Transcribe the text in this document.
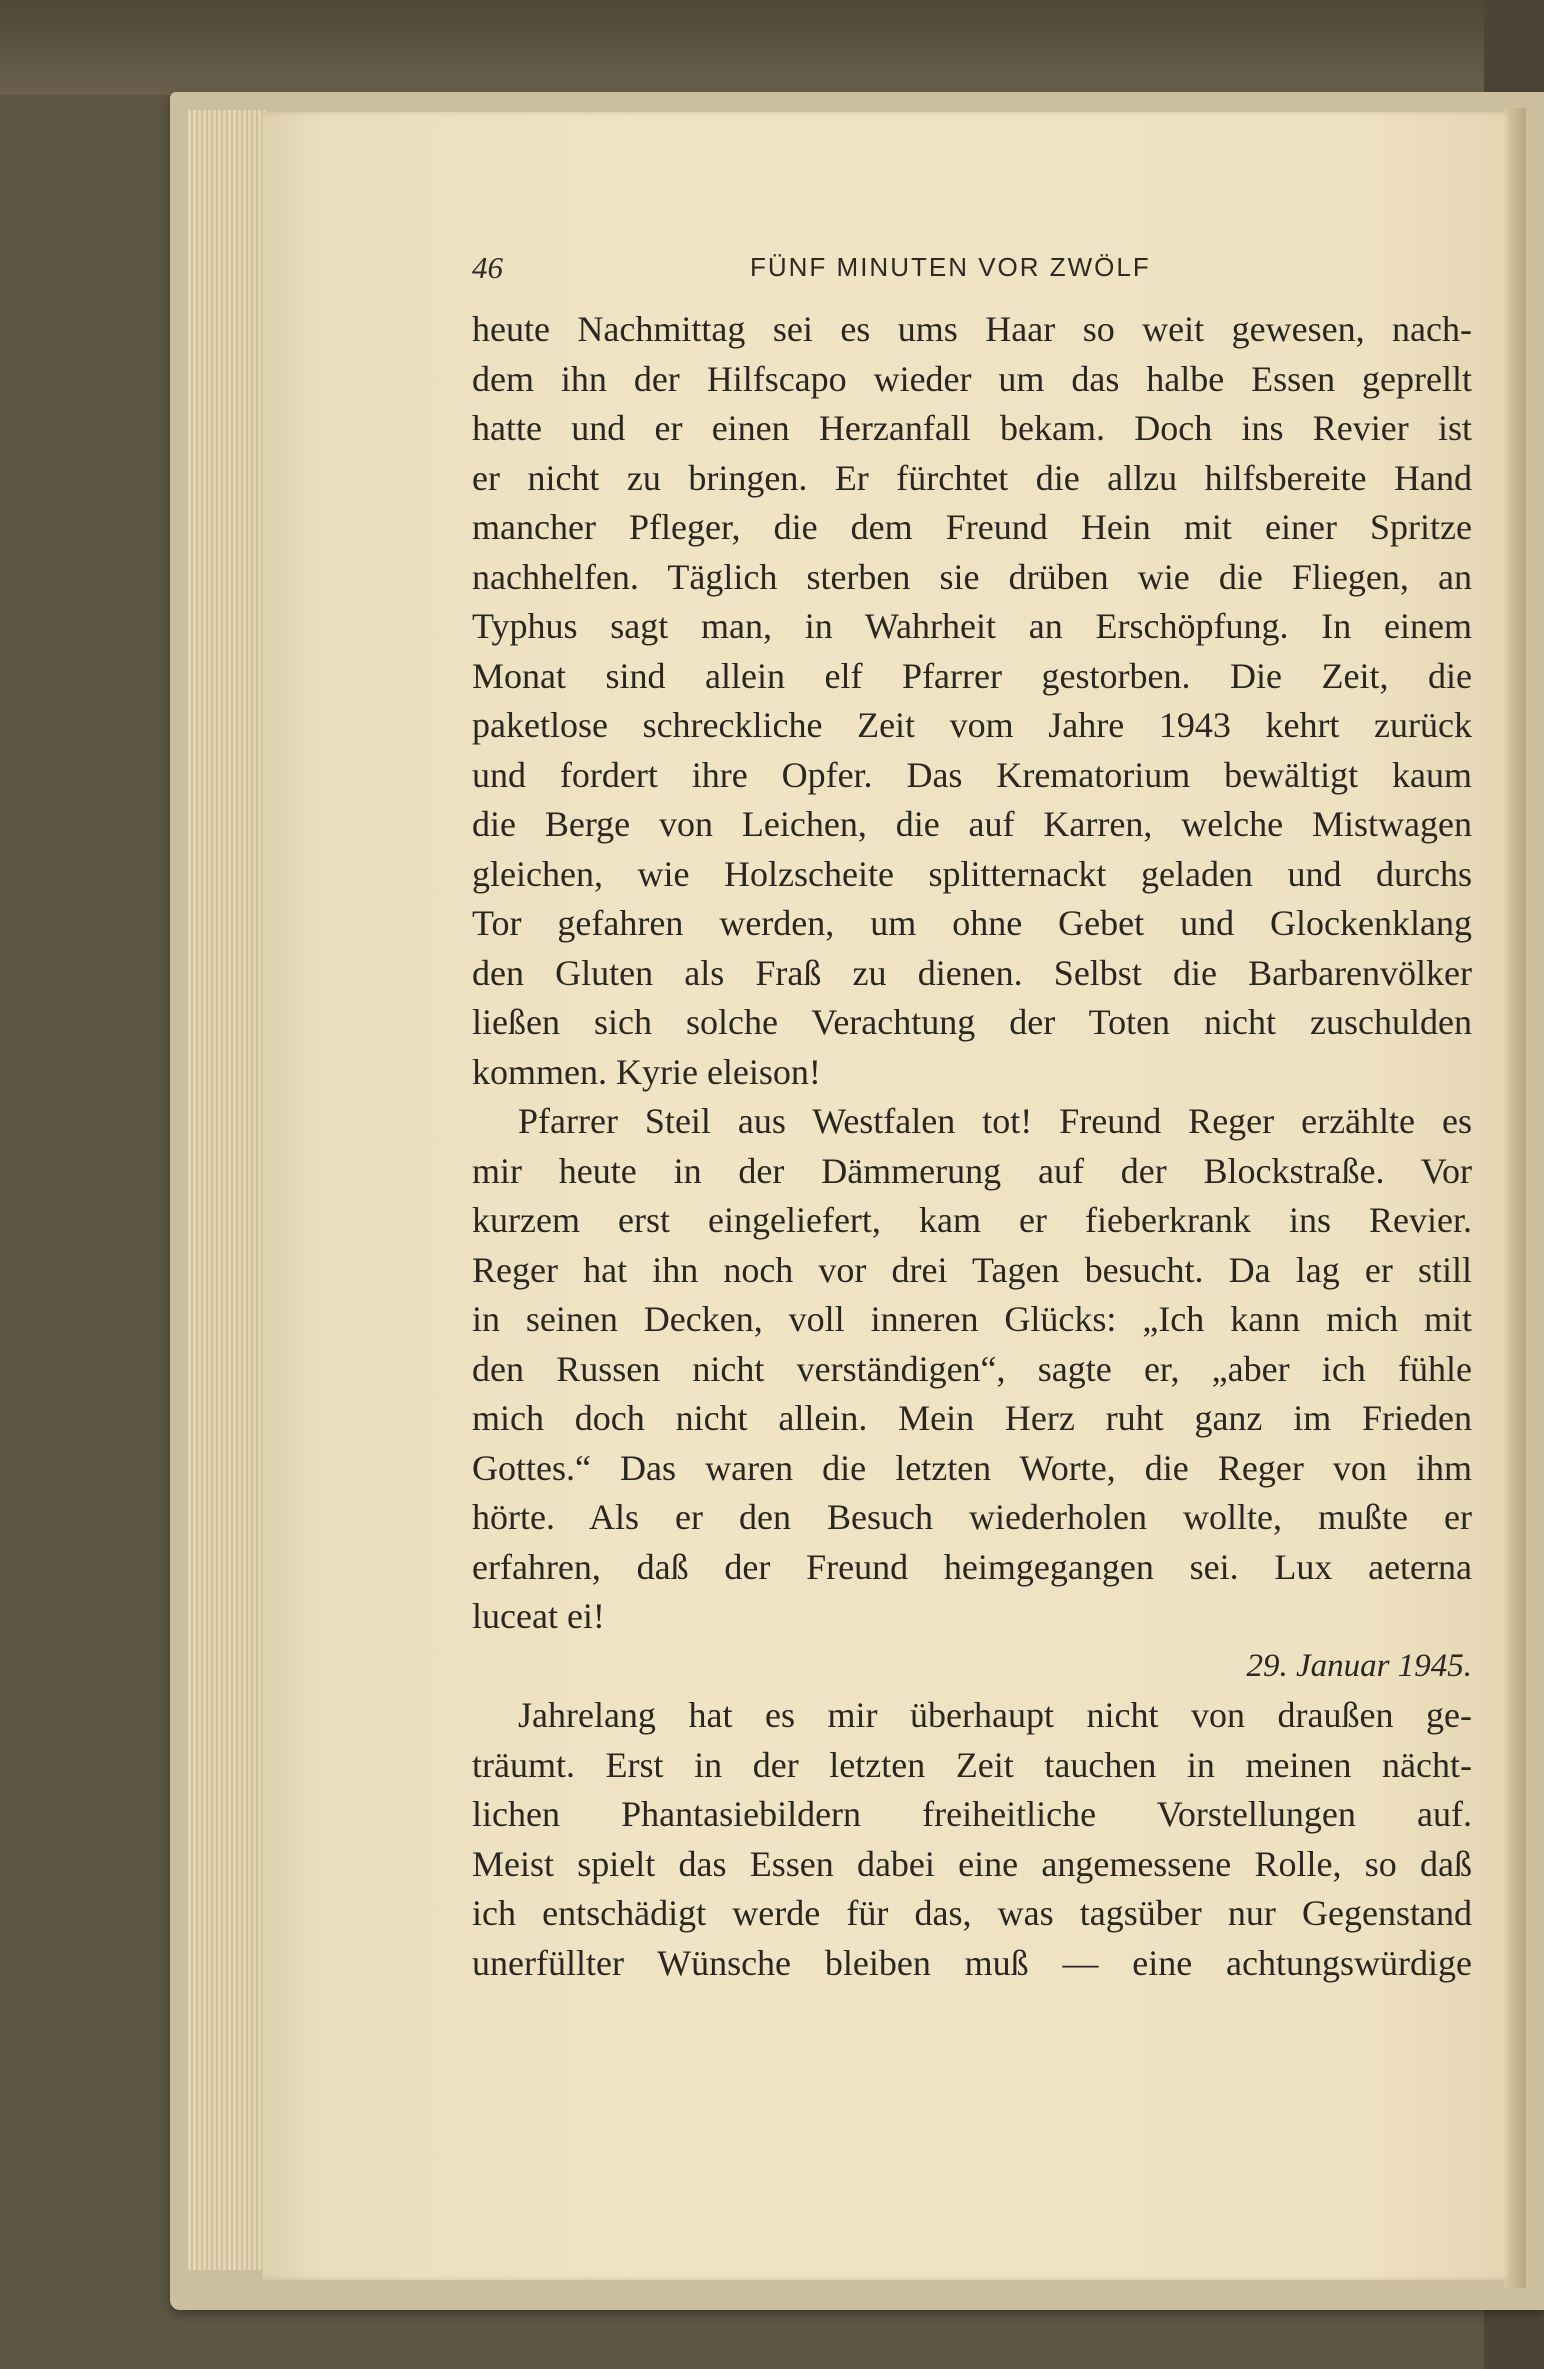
46	FÜNF MINUTEN VOR ZWÖLF
heute Nachmittag sei es ums Haar so weit gewesen, nach-
dem ihn der Hilfscapo wieder um das halbe Essen geprellt
hatte und er einen Herzanfall bekam. Doch ins Revier ist
er nicht zu bringen. Er fürchtet die allzu hilfsbereite Hand
mancher Pfleger, die dem Freund Hein mit einer Spritze
nachhelfen. Täglich sterben sie drüben wie die Fliegen, an
Typhus sagt man, in Wahrheit an Erschöpfung. In einem
Monat sind allein elf Pfarrer gestorben. Die Zeit, die
paketlose schreckliche Zeit vom Jahre 1943 kehrt zurück
und fordert ihre Opfer. Das Krematorium bewältigt kaum
die Berge von Leichen, die auf Karren, welche Mistwagen
gleichen, wie Holzscheite splitternackt geladen und durchs
Tor gefahren werden, um ohne Gebet und Glockenklang
den Gluten als Fraß zu dienen. Selbst die Barbarenvölker
ließen sich solche Verachtung der Toten nicht zuschulden
kommen. Kyrie eleison!
Pfarrer Steil aus Westfalen tot! Freund Reger erzählte es
mir heute in der Dämmerung auf der Blockstraße. Vor
kurzem erst eingeliefert, kam er fieberkrank ins Revier.
Reger hat ihn noch vor drei Tagen besucht. Da lag er still
in seinen Decken, voll inneren Glücks: „Ich kann mich mit
den Russen nicht verständigen“, sagte er, „aber ich fühle
mich doch nicht allein. Mein Herz ruht ganz im Frieden
Gottes.“ Das waren die letzten Worte, die Reger von ihm
hörte. Als er den Besuch wiederholen wollte, mußte er
erfahren, daß der Freund heimgegangen sei. Lux aeterna
luceat ei!
29. Januar 1945.
Jahrelang hat es mir überhaupt nicht von draußen ge-
träumt. Erst in der letzten Zeit tauchen in meinen nächt-
lichen Phantasiebildern freiheitliche Vorstellungen auf.
Meist spielt das Essen dabei eine angemessene Rolle, so daß
ich entschädigt werde für das, was tagsüber nur Gegenstand
unerfüllter Wünsche bleiben muß — eine achtungswürdige
